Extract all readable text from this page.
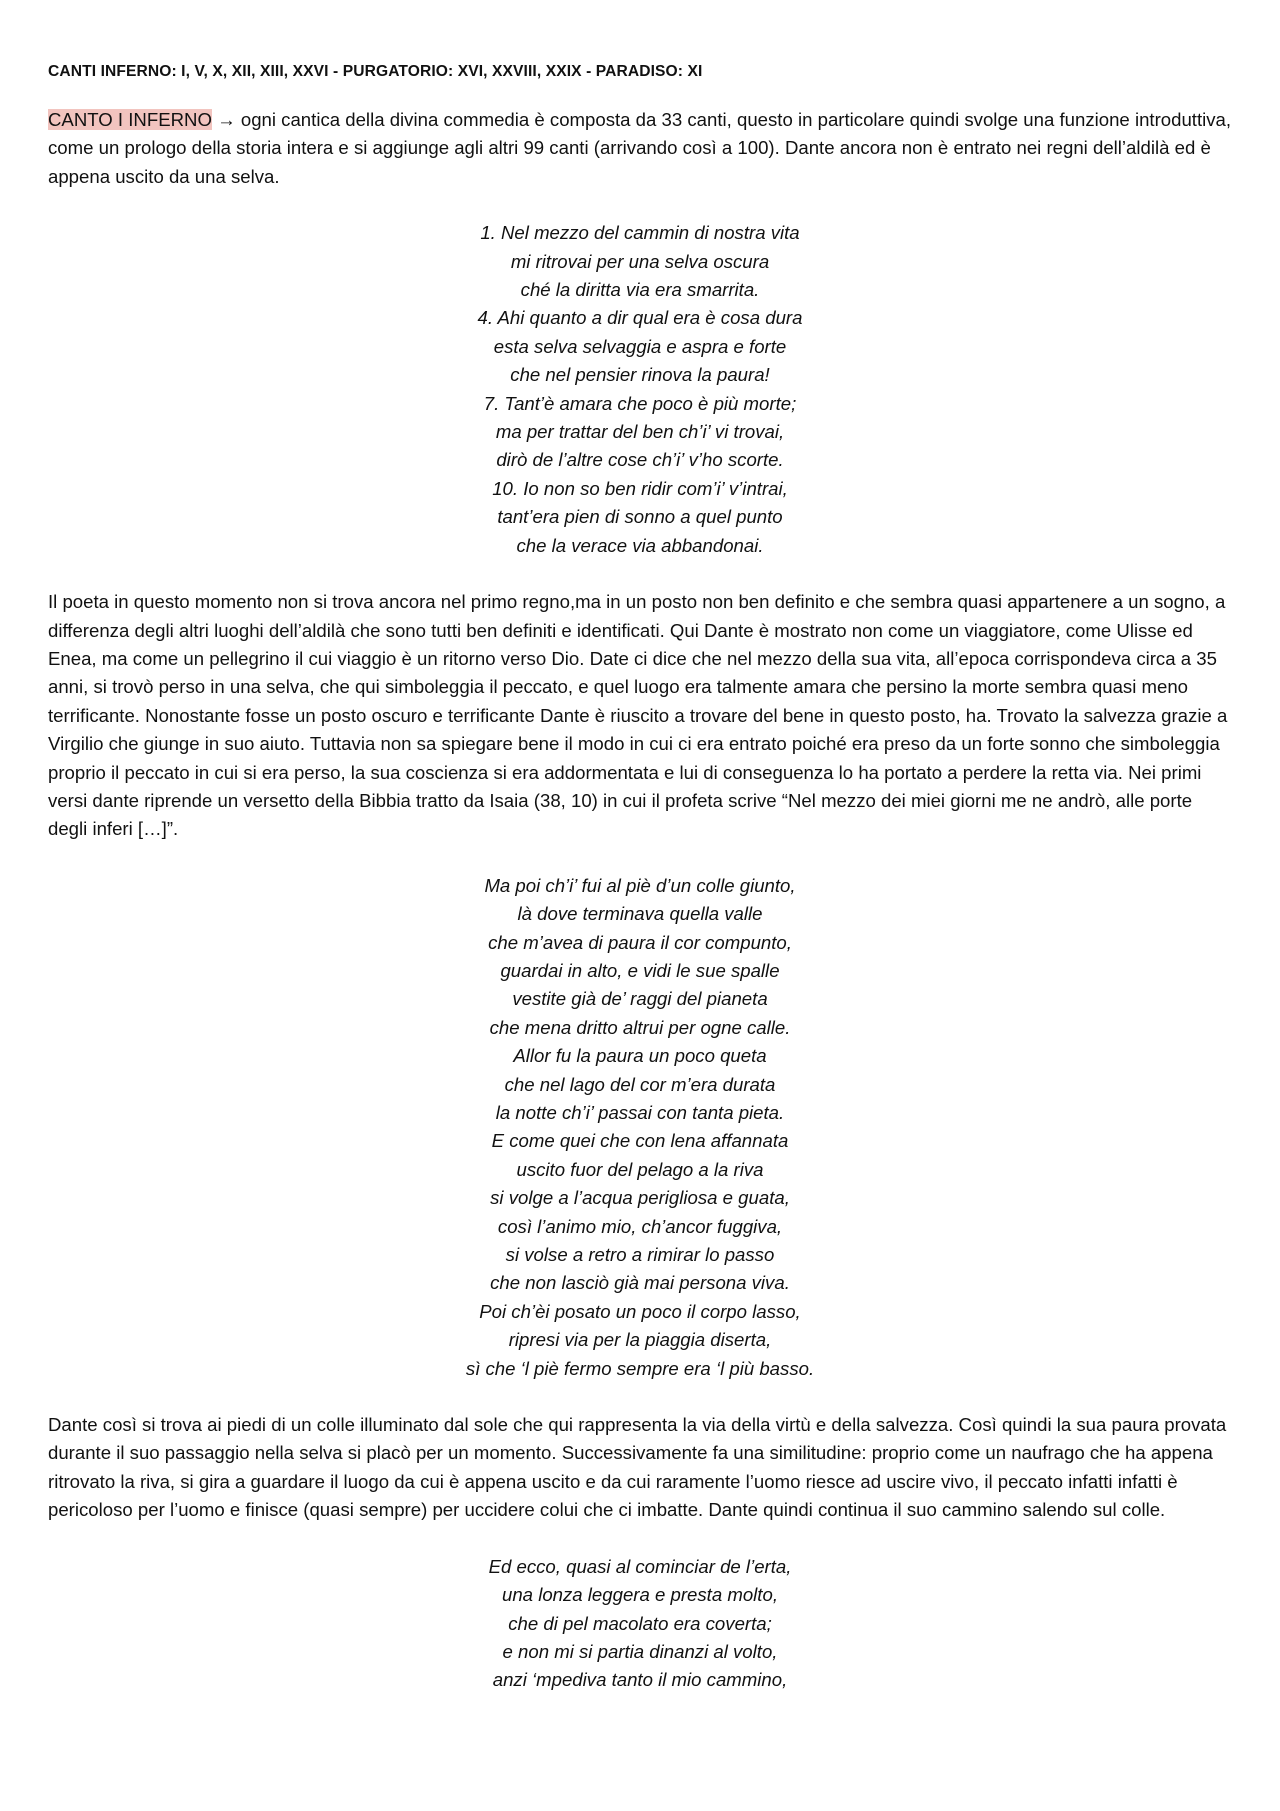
CANTI INFERNO: I, V, X, XII, XIII, XXVI - PURGATORIO: XVI, XXVIII, XXIX - PARADISO: XI

CANTO I INFERNO → ogni cantica della divina commedia è composta da 33 canti, questo in particolare quindi svolge una funzione introduttiva, come un prologo della storia intera e si aggiunge agli altri 99 canti (arrivando così a 100). Dante ancora non è entrato nei regni dell’aldilà ed è appena uscito da una selva.

1. Nel mezzo del cammin di nostra vita
mi ritrovai per una selva oscura
ché la diritta via era smarrita.
4. Ahi quanto a dir qual era è cosa dura
esta selva selvaggia e aspra e forte
che nel pensier rinova la paura!
7. Tant’è amara che poco è più morte;
ma per trattar del ben ch’i’ vi trovai,
dirò de l’altre cose ch’i’ v’ho scorte.
10. Io non so ben ridir com’i’ v’intrai,
tant’era pien di sonno a quel punto
che la verace via abbandonai.

Il poeta in questo momento non si trova ancora nel primo regno,ma in un posto non ben definito e che sembra quasi appartenere a un sogno, a differenza degli altri luoghi dell’aldilà che sono tutti ben definiti e identificati. Qui Dante è mostrato non come un viaggiatore, come Ulisse ed Enea, ma come un pellegrino il cui viaggio è un ritorno verso Dio. Date ci dice che nel mezzo della sua vita, all’epoca corrispondeva circa a 35 anni, si trovò perso in una selva, che qui simboleggia il peccato, e quel luogo era talmente amara che persino la morte sembra quasi meno terrificante. Nonostante fosse un posto oscuro e terrificante Dante è riuscito a trovare del bene in questo posto, ha. Trovato la salvezza grazie a Virgilio che giunge in suo aiuto. Tuttavia non sa spiegare bene il modo in cui ci era entrato poiché era preso da un forte sonno che simboleggia proprio il peccato in cui si era perso, la sua coscienza si era addormentata e lui di conseguenza lo ha portato a perdere la retta via. Nei primi versi dante riprende un versetto della Bibbia tratto da Isaia (38, 10) in cui il profeta scrive “Nel mezzo dei miei giorni me ne andrò, alle porte degli inferi […]”.

Ma poi ch’i’ fui al piè d’un colle giunto,
là dove terminava quella valle
che m’avea di paura il cor compunto,
guardai in alto, e vidi le sue spalle
vestite già de’ raggi del pianeta
che mena dritto altrui per ogne calle.
Allor fu la paura un poco queta
che nel lago del cor m’era durata
la notte ch’i’ passai con tanta pieta.
E come quei che con lena affannata
uscito fuor del pelago a la riva
si volge a l’acqua perigliosa e guata,
così l’animo mio, ch’ancor fuggiva,
si volse a retro a rimirar lo passo
che non lasciò già mai persona viva.
Poi ch’èi posato un poco il corpo lasso,
ripresi via per la piaggia diserta,
sì che ‘l piè fermo sempre era ‘l più basso.

Dante così si trova ai piedi di un colle illuminato dal sole che qui rappresenta la via della virtù e della salvezza. Così quindi la sua paura provata durante il suo passaggio nella selva si placò per un momento. Successivamente fa una similitudine: proprio come un naufrago che ha appena ritrovato la riva, si gira a guardare il luogo da cui è appena uscito e da cui raramente l’uomo riesce ad uscire vivo, il peccato infatti infatti è pericoloso per l’uomo e finisce (quasi sempre) per uccidere colui che ci imbatte. Dante quindi continua il suo cammino salendo sul colle.

Ed ecco, quasi al cominciar de l’erta,
una lonza leggera e presta molto,
che di pel macolato era coverta;
e non mi si partia dinanzi al volto,
anzi ‘mpediva tanto il mio cammino,
